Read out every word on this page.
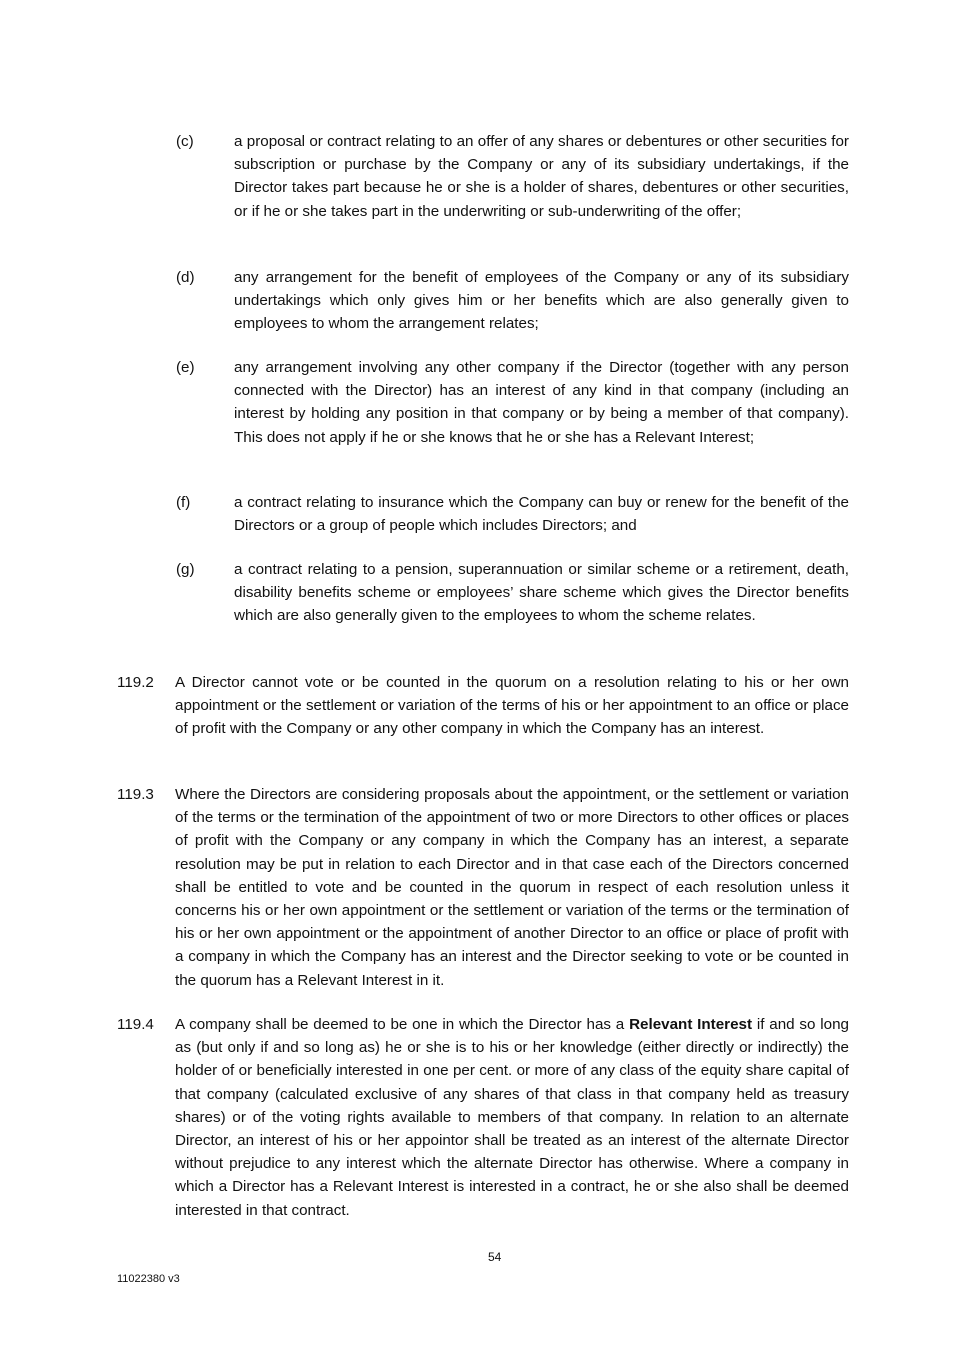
(c)	a proposal or contract relating to an offer of any shares or debentures or other securities for subscription or purchase by the Company or any of its subsidiary undertakings, if the Director takes part because he or she is a holder of shares, debentures or other securities, or if he or she takes part in the underwriting or sub-underwriting of the offer;
(d)	any arrangement for the benefit of employees of the Company or any of its subsidiary undertakings which only gives him or her benefits which are also generally given to employees to whom the arrangement relates;
(e)	any arrangement involving any other company if the Director (together with any person connected with the Director) has an interest of any kind in that company (including an interest by holding any position in that company or by being a member of that company). This does not apply if he or she knows that he or she has a Relevant Interest;
(f)	a contract relating to insurance which the Company can buy or renew for the benefit of the Directors or a group of people which includes Directors; and
(g)	a contract relating to a pension, superannuation or similar scheme or a retirement, death, disability benefits scheme or employees’ share scheme which gives the Director benefits which are also generally given to the employees to whom the scheme relates.
119.2 A Director cannot vote or be counted in the quorum on a resolution relating to his or her own appointment or the settlement or variation of the terms of his or her appointment to an office or place of profit with the Company or any other company in which the Company has an interest.
119.3 Where the Directors are considering proposals about the appointment, or the settlement or variation of the terms or the termination of the appointment of two or more Directors to other offices or places of profit with the Company or any company in which the Company has an interest, a separate resolution may be put in relation to each Director and in that case each of the Directors concerned shall be entitled to vote and be counted in the quorum in respect of each resolution unless it concerns his or her own appointment or the settlement or variation of the terms or the termination of his or her own appointment or the appointment of another Director to an office or place of profit with a company in which the Company has an interest and the Director seeking to vote or be counted in the quorum has a Relevant Interest in it.
119.4 A company shall be deemed to be one in which the Director has a Relevant Interest if and so long as (but only if and so long as) he or she is to his or her knowledge (either directly or indirectly) the holder of or beneficially interested in one per cent. or more of any class of the equity share capital of that company (calculated exclusive of any shares of that class in that company held as treasury shares) or of the voting rights available to members of that company. In relation to an alternate Director, an interest of his or her appointor shall be treated as an interest of the alternate Director without prejudice to any interest which the alternate Director has otherwise. Where a company in which a Director has a Relevant Interest is interested in a contract, he or she also shall be deemed interested in that contract.
54
11022380 v3
